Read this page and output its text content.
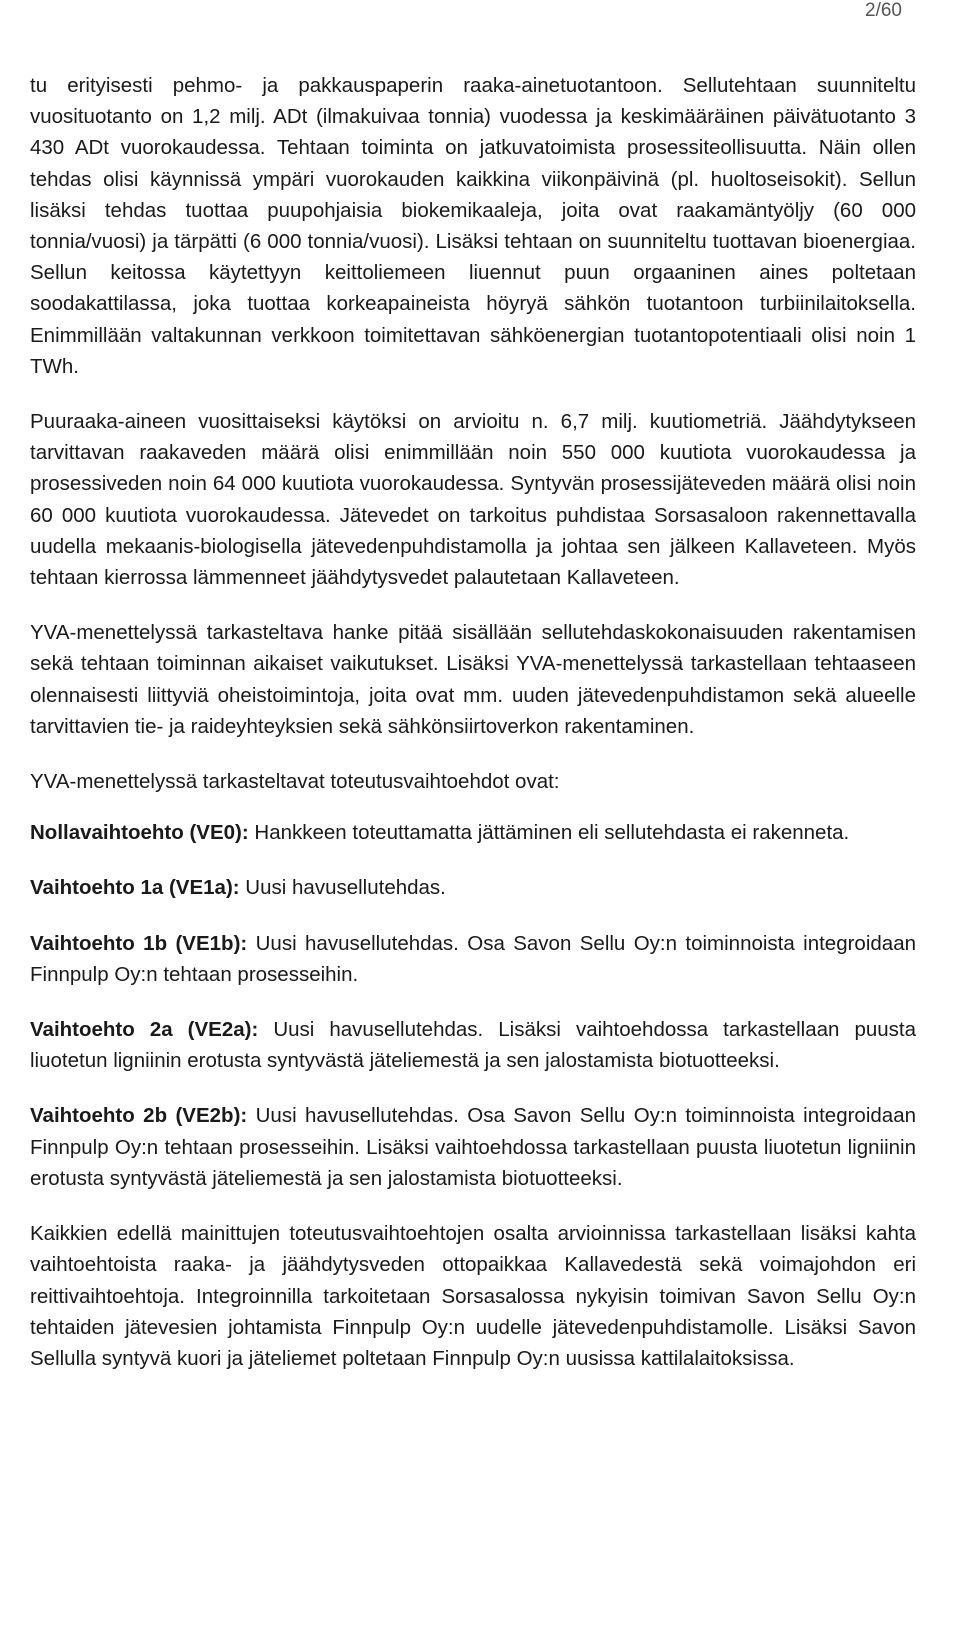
2/60

tu erityisesti pehmo- ja pakkauspaperin raaka-ainetuotantoon. Sellutehtaan suunniteltu vuosituotanto on 1,2 milj. ADt (ilmakuivaa tonnia) vuodessa ja keskimääräinen päivätuotanto 3 430 ADt vuorokaudessa. Tehtaan toiminta on jatkuvatoimista prosessiteollisuutta. Näin ollen tehdas olisi käynnissä ympäri vuorokauden kaikkina viikonpäivinä (pl. huoltoseisokit). Sellun lisäksi tehdas tuottaa puupohjaisia biokemikaaleja, joita ovat raakamäntyöljy (60 000 tonnia/vuosi) ja tärpätti (6 000 tonnia/vuosi). Lisäksi tehtaan on suunniteltu tuottavan bioenergiaa. Sellun keitossa käytettyyn keittoliemeen liuennut puun orgaaninen aines poltetaan soodakattilassa, joka tuottaa korkeapaineista höyryä sähkön tuotantoon turbiinilaitoksella. Enimmillään valtakunnan verkkoon toimitettavan sähköenergian tuotantopotentiaali olisi noin 1 TWh.

Puuraaka-aineen vuosittaiseksi käytöksi on arvioitu n. 6,7 milj. kuutiometriä. Jäähdytykseen tarvittavan raakaveden määrä olisi enimmillään noin 550 000 kuutiota vuorokaudessa ja prosessiveden noin 64 000 kuutiota vuorokaudessa. Syntyvän prosessijäteveden määrä olisi noin 60 000 kuutiota vuorokaudessa. Jätevedet on tarkoitus puhdistaa Sorsasaloon rakennettavalla uudella mekaanis-biologisella jätevedenpuhdistamolla ja johtaa sen jälkeen Kallaveteen. Myös tehtaan kierrossa lämmenneet jäähdytysvedet palautetaan Kallaveteen.

YVA-menettelyssä tarkasteltava hanke pitää sisällään sellutehdaskokonaisuuden rakentamisen sekä tehtaan toiminnan aikaiset vaikutukset. Lisäksi YVA-menettelyssä tarkastellaan tehtaaseen olennaisesti liittyviä oheistoimintoja, joita ovat mm. uuden jätevedenpuhdistamon sekä alueelle tarvittavien tie- ja raideyhteyksien sekä sähkönsiirtoverkon rakentaminen.

YVA-menettelyssä tarkasteltavat toteutusvaihtoehdot ovat:

Nollavaihtoehto (VE0): Hankkeen toteuttamatta jättäminen eli sellutehdasta ei rakenneta.

Vaihtoehto 1a (VE1a): Uusi havusellutehdas.

Vaihtoehto 1b (VE1b): Uusi havusellutehdas. Osa Savon Sellu Oy:n toiminnoista integroidaan Finnpulp Oy:n tehtaan prosesseihin.

Vaihtoehto 2a (VE2a): Uusi havusellutehdas. Lisäksi vaihtoehdossa tarkastellaan puusta liuotetun ligniinin erotusta syntyvästä jäteliemestä ja sen jalostamista biotuotteeksi.

Vaihtoehto 2b (VE2b): Uusi havusellutehdas. Osa Savon Sellu Oy:n toiminnoista integroidaan Finnpulp Oy:n tehtaan prosesseihin. Lisäksi vaihtoehdossa tarkastellaan puusta liuotetun ligniinin erotusta syntyvästä jäteliemestä ja sen jalostamista biotuotteeksi.

Kaikkien edellä mainittujen toteutusvaihtoehtojen osalta arvioinnissa tarkastellaan lisäksi kahta vaihtoehtoista raaka- ja jäähdytysveden ottopaikkaa Kallavedestä sekä voimajohdon eri reittivaihtoehtoja. Integroinnilla tarkoitetaan Sorsasalossa nykyisin toimivan Savon Sellu Oy:n tehtaiden jätevesien johtamista Finnpulp Oy:n uudelle jätevedenpuhdistamolle. Lisäksi Savon Sellulla syntyvä kuori ja jäteliemet poltetaan Finnpulp Oy:n uusissa kattilalaitoksissa.
